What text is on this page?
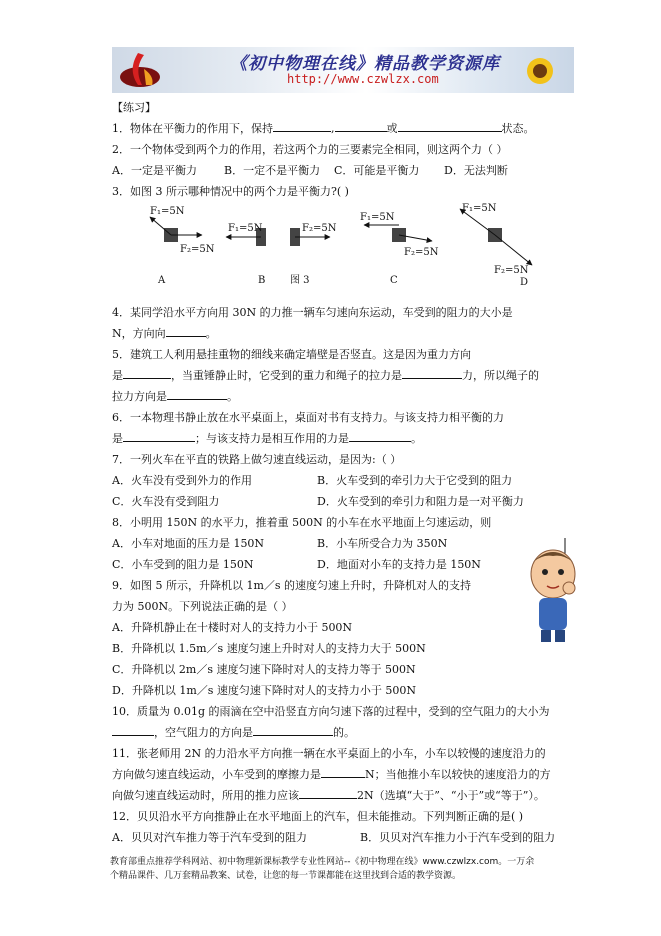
《初中物理在线》精品教学资源库
http://www.czwlzx.com
【练习】
1．物体在平衡力的作用下，保持	,	或	状态。
2．一个物体受到两个力的作用，若这两个力的三要素完全相同，则这两个力（ ）
A．一定是平衡力 B．一定不是平衡力 C．可能是平衡力 D．无法判断
3．如图 3 所示哪种情况中的两个力是平衡力?( )
F₁=5N
F₂=5N
A
F₁=5N	F₂=5N
B 图 3
F₁=5N
F₂=5N
C
F₁=5N
F₂=5N
D
4．某同学沿水平方向用 30N 的力推一辆车匀速向东运动，车受到的阻力的大小是
N，方向向	。
5．建筑工人利用悬挂重物的细线来确定墙壁是否竖直。这是因为重力方向
是	，当重锤静止时，它受到的重力和绳子的拉力是	力，所以绳子的
拉力方向是	。
6．一本物理书静止放在水平桌面上，桌面对书有支持力。与该支持力相平衡的力
是	；与该支持力是相互作用的力是	。
7．一列火车在平直的铁路上做匀速直线运动，是因为:（ ）
A．火车没有受到外力的作用	B．火车受到的牵引力大于它受到的阻力
C．火车没有受到阻力	D．火车受到的牵引力和阻力是一对平衡力
8．小明用 150N 的水平力，推着重 500N 的小车在水平地面上匀速运动，则
A．小车对地面的压力是 150N	B．小车所受合力为 350N
C．小车受到的阻力是 150N	D．地面对小车的支持力是 150N
9．如图 5 所示，升降机以 1m／s 的速度匀速上升时，升降机对人的支持
力为 500N。下列说法正确的是（ ）
A．升降机静止在十楼时对人的支持力小于 500N
B．升降机以 1.5m／s 速度匀速上升时对人的支持力大于 500N
C．升降机以 2m／s 速度匀速下降时对人的支持力等于 500N
D．升降机以 1m／s 速度匀速下降时对人的支持力小于 500N
10．质量为 0.01g 的雨滴在空中沿竖直方向匀速下落的过程中，受到的空气阻力的大小为
，空气阻力的方向是	的。
11．张老师用 2N 的力沿水平方向推一辆在水平桌面上的小车，小车以较慢的速度沿力的
方向做匀速直线运动，小车受到的摩擦力是	N；当他推小车以较快的速度沿力的方
向做匀速直线运动时，所用的推力应该	2N（选填“大于”、“小于”或“等于”）。
12．贝贝沿水平方向推静止在水平地面上的汽车，但未能推动。下列判断正确的是( )
A．贝贝对汽车推力等于汽车受到的阻力	B．贝贝对汽车推力小于汽车受到的阻力
教育部重点推荐学科网站、初中物理新课标教学专业性网站--《初中物理在线》www.czwlzx.com。一万余
个精品课件、几万套精品教案、试卷，让您的每一节课都能在这里找到合适的教学资源。
